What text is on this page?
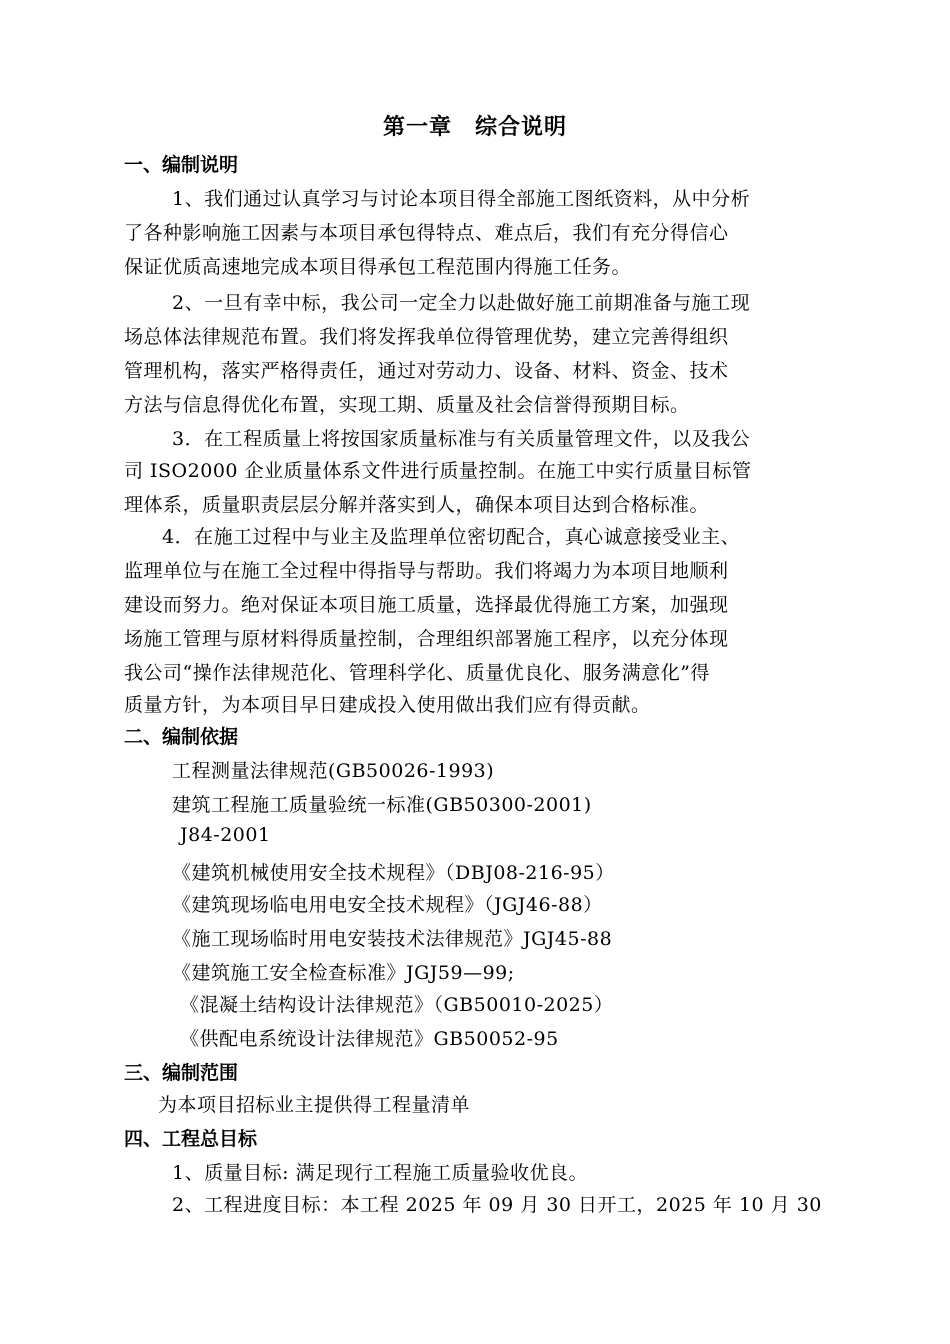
第一章　综合说明
一、编制说明
1、我们通过认真学习与讨论本项目得全部施工图纸资料，从中分析
了各种影响施工因素与本项目承包得特点、难点后，我们有充分得信心
保证优质高速地完成本项目得承包工程范围内得施工任务。
2、一旦有幸中标，我公司一定全力以赴做好施工前期准备与施工现
场总体法律规范布置。我们将发挥我单位得管理优势，建立完善得组织
管理机构，落实严格得责任，通过对劳动力、设备、材料、资金、技术
方法与信息得优化布置，实现工期、质量及社会信誉得预期目标。
3．在工程质量上将按国家质量标准与有关质量管理文件，以及我公
司 ISO2000 企业质量体系文件进行质量控制。在施工中实行质量目标管
理体系，质量职责层层分解并落实到人，确保本项目达到合格标准。
4．在施工过程中与业主及监理单位密切配合，真心诚意接受业主、
监理单位与在施工全过程中得指导与帮助。我们将竭力为本项目地顺利
建设而努力。绝对保证本项目施工质量，选择最优得施工方案，加强现
场施工管理与原材料得质量控制，合理组织部署施工程序，以充分体现
我公司“操作法律规范化、管理科学化、质量优良化、服务满意化”得
质量方针，为本项目早日建成投入使用做出我们应有得贡献。
二、编制依据
工程测量法律规范(GB50026-1993)
建筑工程施工质量验统一标准(GB50300-2001)
J84-2001
《建筑机械使用安全技术规程》（DBJ08-216-95）
《建筑现场临电用电安全技术规程》（JGJ46-88）
《施工现场临时用电安装技术法律规范》JGJ45-88
《建筑施工安全检查标准》JGJ59—99;
《混凝土结构设计法律规范》（GB50010-2025）
《供配电系统设计法律规范》GB50052-95
三、编制范围
为本项目招标业主提供得工程量清单
四、工程总目标
1、质量目标: 满足现行工程施工质量验收优良。
2、工程进度目标：本工程 2025 年 09 月 30 日开工，2025 年 10 月 30
